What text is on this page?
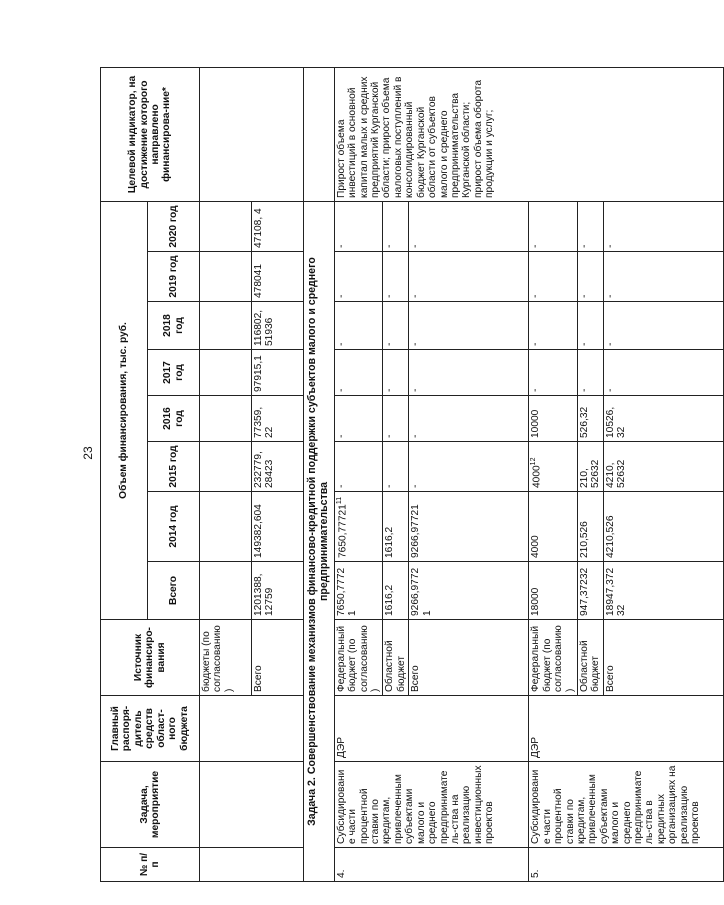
23
№ п/п	Задача, мероприятие	Главный распоря-дитель средств област-ного бюджета	Источник финансиро-вания	Объем финансирования, тыс. руб.								Целевой индикатор, на достижение которого направлено финансирова-ние*
				Всего	2014 год	2015 год	2016 год	2017 год	2018 год	2019 год	2020 год	
			бюджеты (по согласованию)									
			Всего	1201388, 12759	149382,604	232779, 28423	77359, 22	97915,1	116802, 51936	478041	47108, 4	
Задача 2. Совершенствование механизмов финансово-кредитной поддержки субъектов малого и среднего предпринимательства												
4.	Субсидирование части процентной ставки по кредитам, привлеченным субъектами малого и среднего предприниматель-ства на реализацию инвестиционных проектов	ДЭР	Федеральный бюджет (по согласованию)	7650,77721	7650,77721$^{11}$	-	-	-	-	-	-	Прирост объема инвестиций в основной капитал малых и средних предприятий Курганской области; прирост объема налоговых поступлений в консолидированный бюджет Курганской области от субъектов малого и среднего предпринимательства Курганской области; прирост объема оборота продукции и услуг;
			Областной бюджет	1616,2	1616,2	-	-	-	-	-	-	
			Всего	9266,97721	9266,97721	-	-	-	-	-	-	
5.	Субсидирование части процентной ставки по кредитам, привлеченным субъектами малого и среднего предприниматель-ства в кредитных организациях на реализацию проектов	ДЭР	Федеральный бюджет (по согласованию)	18000	4000	4000$^{12}$	10000	-	-	-	-	
			Областной бюджет	947,37232	210,526	210, 52632	526,32	-	-	-	-	
			Всего	18947,37232	4210,526	4210, 52632	10526, 32	-	-	-	-	
